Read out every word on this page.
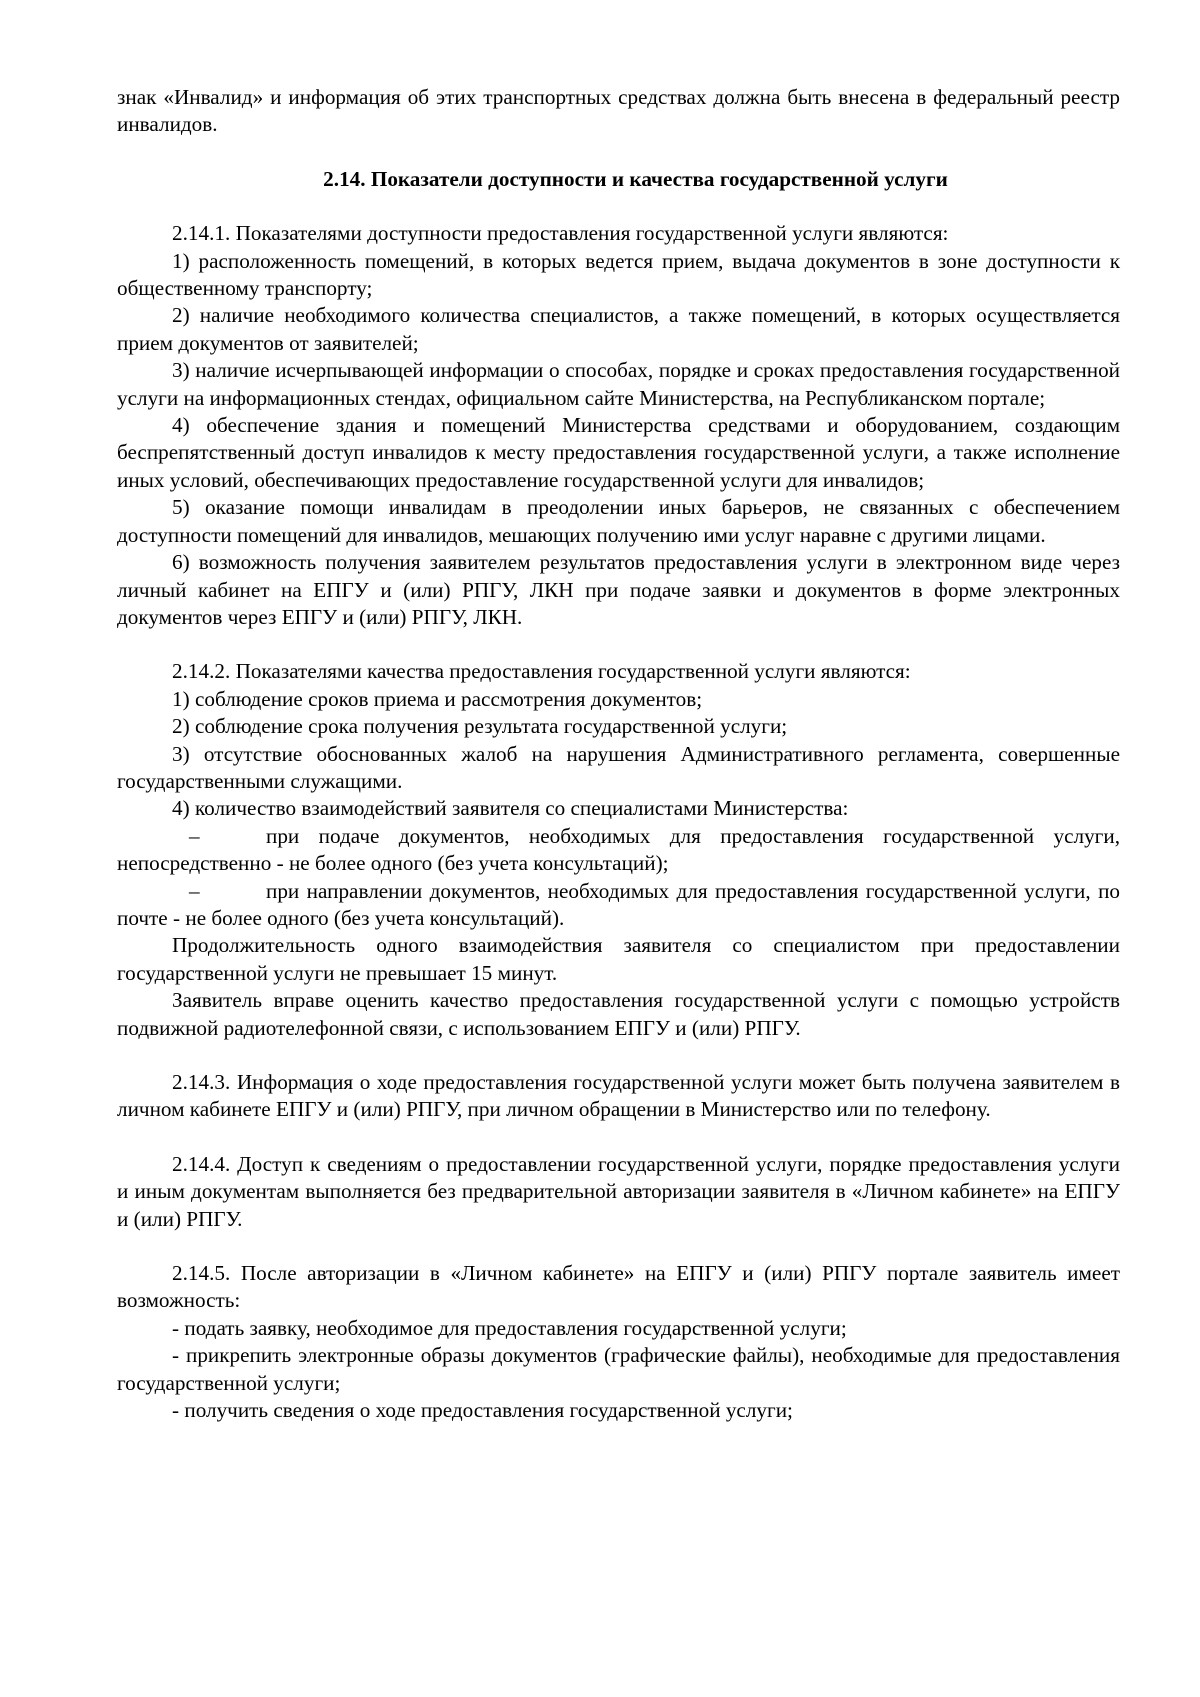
знак «Инвалид» и информация об этих транспортных средствах должна быть внесена в федеральный реестр инвалидов.

2.14. Показатели доступности и качества государственной услуги

2.14.1. Показателями доступности предоставления государственной услуги являются:

1) расположенность помещений, в которых ведется прием, выдача документов в зоне доступности к общественному транспорту;

2) наличие необходимого количества специалистов, а также помещений, в которых осуществляется прием документов от заявителей;

3) наличие исчерпывающей информации о способах, порядке и сроках предоставления государственной услуги на информационных стендах, официальном сайте Министерства, на Республиканском портале;

4) обеспечение здания и помещений Министерства средствами и оборудованием, создающим беспрепятственный доступ инвалидов к месту предоставления государственной услуги, а также исполнение иных условий, обеспечивающих предоставление государственной услуги для инвалидов;

5) оказание помощи инвалидам в преодолении иных барьеров, не связанных с обеспечением доступности помещений для инвалидов, мешающих получению ими услуг наравне с другими лицами.

6) возможность получения заявителем результатов предоставления услуги в электронном виде через личный кабинет на ЕПГУ и (или) РПГУ, ЛКН при подаче заявки и документов в форме электронных документов через ЕПГУ и (или) РПГУ, ЛКН.

2.14.2. Показателями качества предоставления государственной услуги являются:

1) соблюдение сроков приема и рассмотрения документов;

2) соблюдение срока получения результата государственной услуги;

3) отсутствие обоснованных жалоб на нарушения Административного регламента, совершенные государственными служащими.

4) количество взаимодействий заявителя со специалистами Министерства:

–	при подаче документов, необходимых для предоставления государственной услуги, непосредственно - не более одного (без учета консультаций);

–	при направлении документов, необходимых для предоставления государственной услуги, по почте - не более одного (без учета консультаций).

Продолжительность одного взаимодействия заявителя со специалистом при предоставлении государственной услуги не превышает 15 минут.

Заявитель вправе оценить качество предоставления государственной услуги с помощью устройств подвижной радиотелефонной связи, с использованием ЕПГУ и (или) РПГУ.

2.14.3. Информация о ходе предоставления государственной услуги может быть получена заявителем в личном кабинете ЕПГУ и (или) РПГУ, при личном обращении в Министерство или по телефону.

2.14.4. Доступ к сведениям о предоставлении государственной услуги, порядке предоставления услуги и иным документам выполняется без предварительной авторизации заявителя в «Личном кабинете» на ЕПГУ и (или) РПГУ.

2.14.5. После авторизации в «Личном кабинете» на ЕПГУ и (или) РПГУ портале заявитель имеет возможность:

- подать заявку, необходимое для предоставления государственной услуги;

- прикрепить электронные образы документов (графические файлы), необходимые для предоставления государственной услуги;

- получить сведения о ходе предоставления государственной услуги;
